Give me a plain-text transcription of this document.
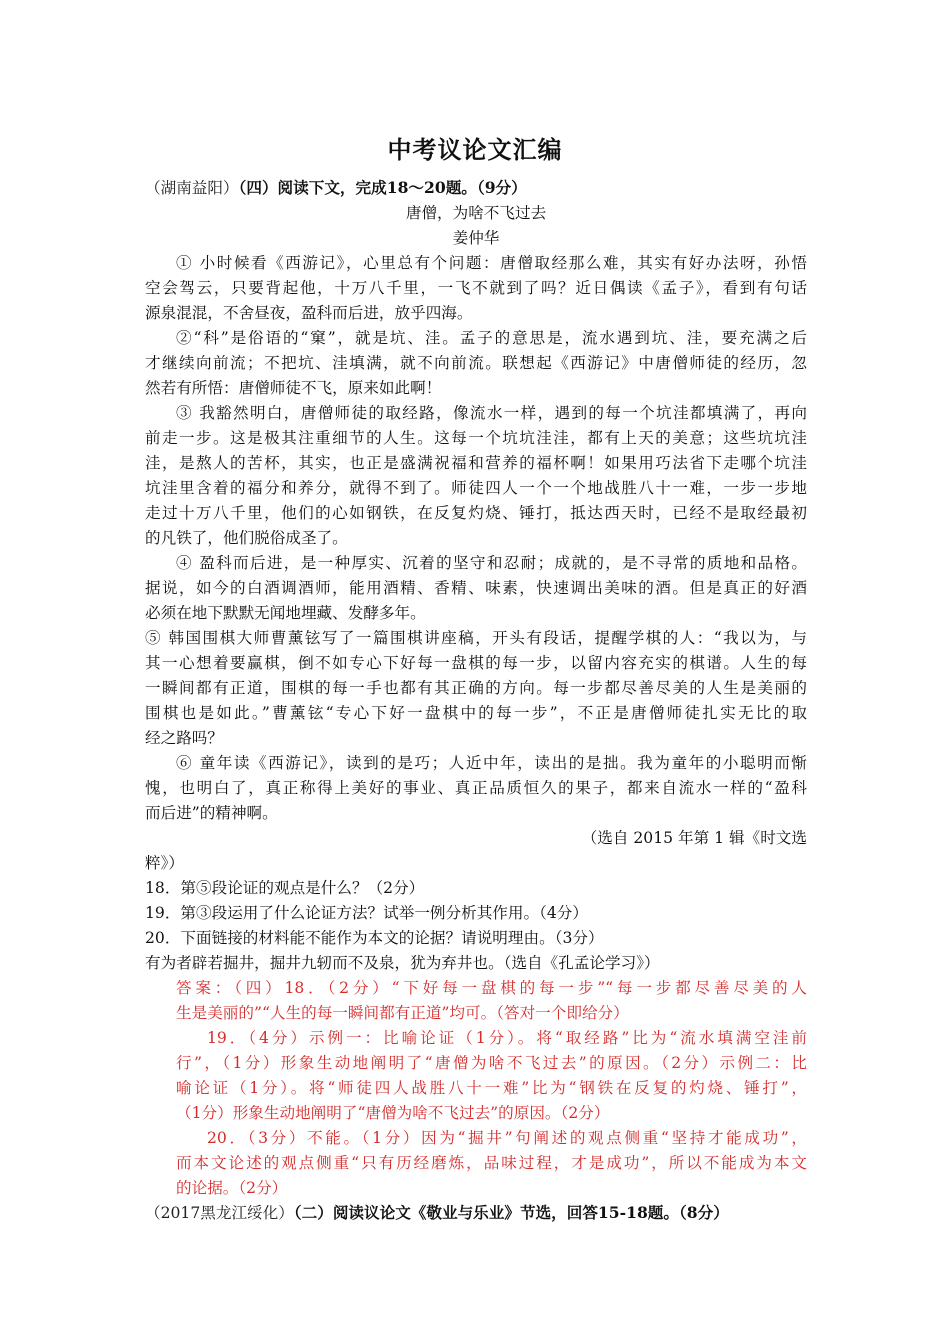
中考议论文汇编
（湖南益阳）（四）阅读下文，完成18～20题。（9分）
唐僧，为啥不飞过去
姜仲华
① 小时候看《西游记》，心里总有个问题：唐僧取经那么难，其实有好办法呀，孙悟
空会驾云，只要背起他，十万八千里，一飞不就到了吗？近日偶读《孟子》，看到有句话
源泉混混，不舍昼夜，盈科而后进，放乎四海。
②“科”是俗语的“窠”，就是坑、洼。孟子的意思是，流水遇到坑、洼，要充满之后
才继续向前流；不把坑、洼填满，就不向前流。联想起《西游记》中唐僧师徒的经历，忽
然若有所悟：唐僧师徒不飞，原来如此啊！
③ 我豁然明白，唐僧师徒的取经路，像流水一样，遇到的每一个坑洼都填满了，再向
前走一步。这是极其注重细节的人生。这每一个坑坑洼洼，都有上天的美意；这些坑坑洼
洼，是熬人的苦杯，其实，也正是盛满祝福和营养的福杯啊！如果用巧法省下走哪个坑洼
坑洼里含着的福分和养分，就得不到了。师徒四人一个一个地战胜八十一难，一步一步地
走过十万八千里，他们的心如钢铁，在反复灼烧、锤打，抵达西天时，已经不是取经最初
的凡铁了，他们脱俗成圣了。
④ 盈科而后进，是一种厚实、沉着的坚守和忍耐；成就的，是不寻常的质地和品格。
据说，如今的白酒调酒师，能用酒精、香精、味素，快速调出美味的酒。但是真正的好酒
必须在地下默默无闻地埋藏、发酵多年。
⑤ 韩国围棋大师曹薰铉写了一篇围棋讲座稿，开头有段话，提醒学棋的人：“我以为，与
其一心想着要赢棋，倒不如专心下好每一盘棋的每一步，以留内容充实的棋谱。人生的每
一瞬间都有正道，围棋的每一手也都有其正确的方向。每一步都尽善尽美的人生是美丽的
围棋也是如此。”曹薰铉“专心下好一盘棋中的每一步”，不正是唐僧师徒扎实无比的取
经之路吗？
⑥ 童年读《西游记》，读到的是巧；人近中年，读出的是拙。我为童年的小聪明而惭
愧，也明白了，真正称得上美好的事业、真正品质恒久的果子，都来自流水一样的“盈科
而后进”的精神啊。
（选自 2015 年第 1 辑《时文选
粹》）
18．第⑤段论证的观点是什么？（2分）
19．第③段运用了什么论证方法？试举一例分析其作用。（4分）
20．下面链接的材料能不能作为本文的论据？请说明理由。（3分）
有为者辟若掘井，掘井九轫而不及泉，犹为弃井也。（选自《孔孟论学习》）
答案：（四）18．（2分）“下好每一盘棋的每一步”“每一步都尽善尽美的人
生是美丽的”“人生的每一瞬间都有正道”均可。（答对一个即给分）
19．（4分）示例一：比喻论证（1分）。将“取经路”比为“流水填满空洼前
行”，（1分）形象生动地阐明了“唐僧为啥不飞过去”的原因。（2分）示例二：比
喻论证（1分）。将“师徒四人战胜八十一难”比为“钢铁在反复的灼烧、锤打”，
（1分）形象生动地阐明了“唐僧为啥不飞过去”的原因。（2分）
20．（3分）不能。（1分）因为“掘井”句阐述的观点侧重“坚持才能成功”，
而本文论述的观点侧重“只有历经磨炼，品味过程，才是成功”，所以不能成为本文
的论据。（2分）
（2017黑龙江绥化）（二）阅读议论文《敬业与乐业》节选，回答15-18题。（8分）
